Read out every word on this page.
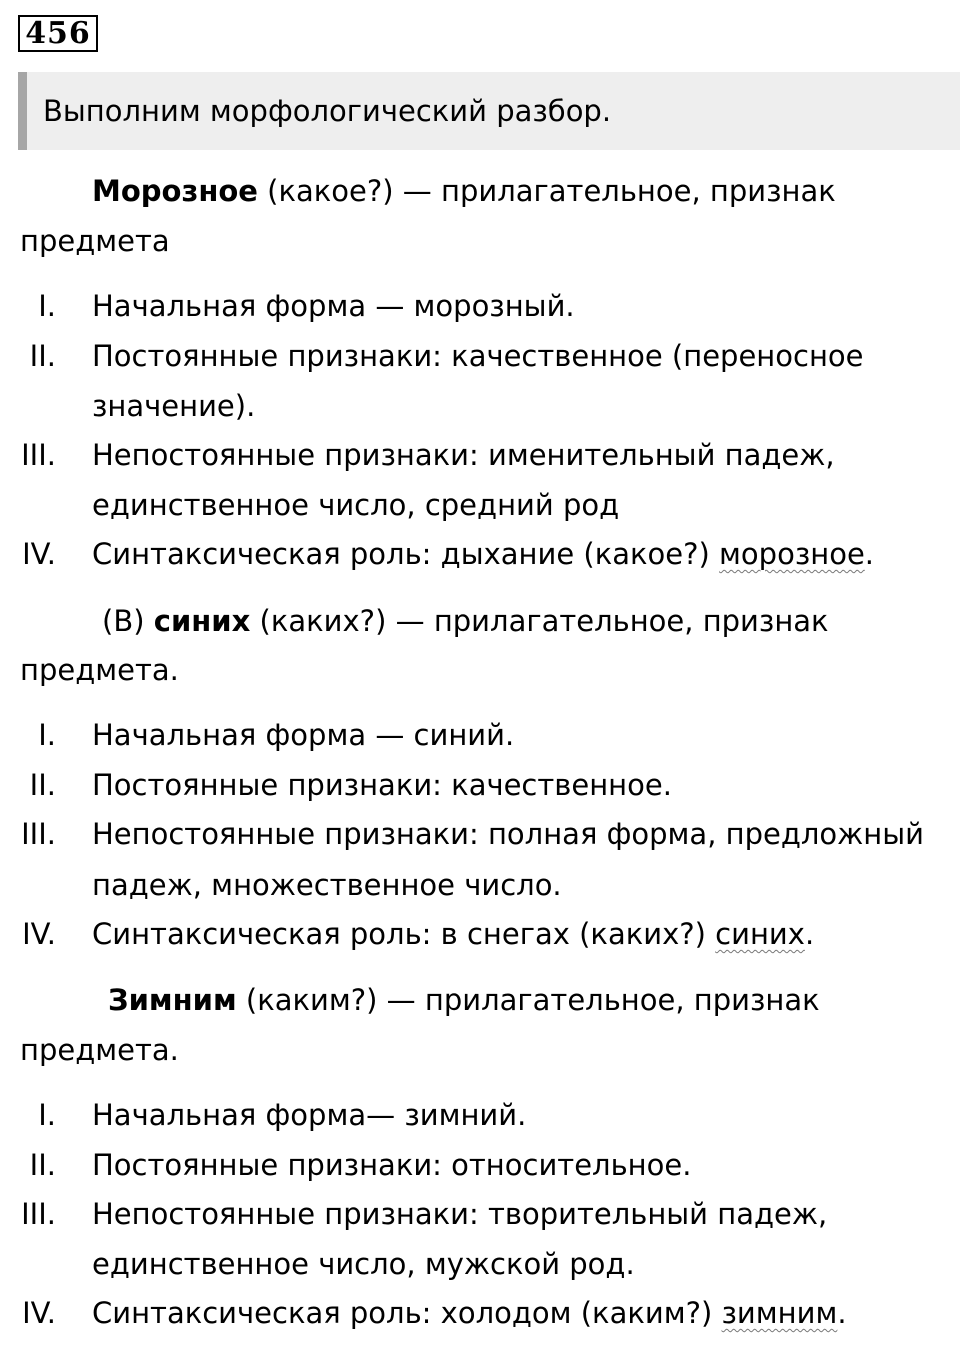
456
Выполним морфологический разбор.
Морозное (какое?) — прилагательное, признак
предмета
I. Начальная форма — морозный.
II. Постоянные признаки: качественное (переносное
значение).
III. Непостоянные признаки: именительный падеж,
единственное число, средний род
IV. Синтаксическая роль: дыхание (какое?) морозное.
(В) синих (каких?) — прилагательное, признак
предмета.
I. Начальная форма — синий.
II. Постоянные признаки: качественное.
III. Непостоянные признаки: полная форма, предложный
падеж, множественное число.
IV. Синтаксическая роль: в снегах (каких?) синих.
Зимним (каким?) — прилагательное, признак
предмета.
I. Начальная форма— зимний.
II. Постоянные признаки: относительное.
III. Непостоянные признаки: творительный падеж,
единственное число, мужской род.
IV. Синтаксическая роль: холодом (каким?) зимним.
